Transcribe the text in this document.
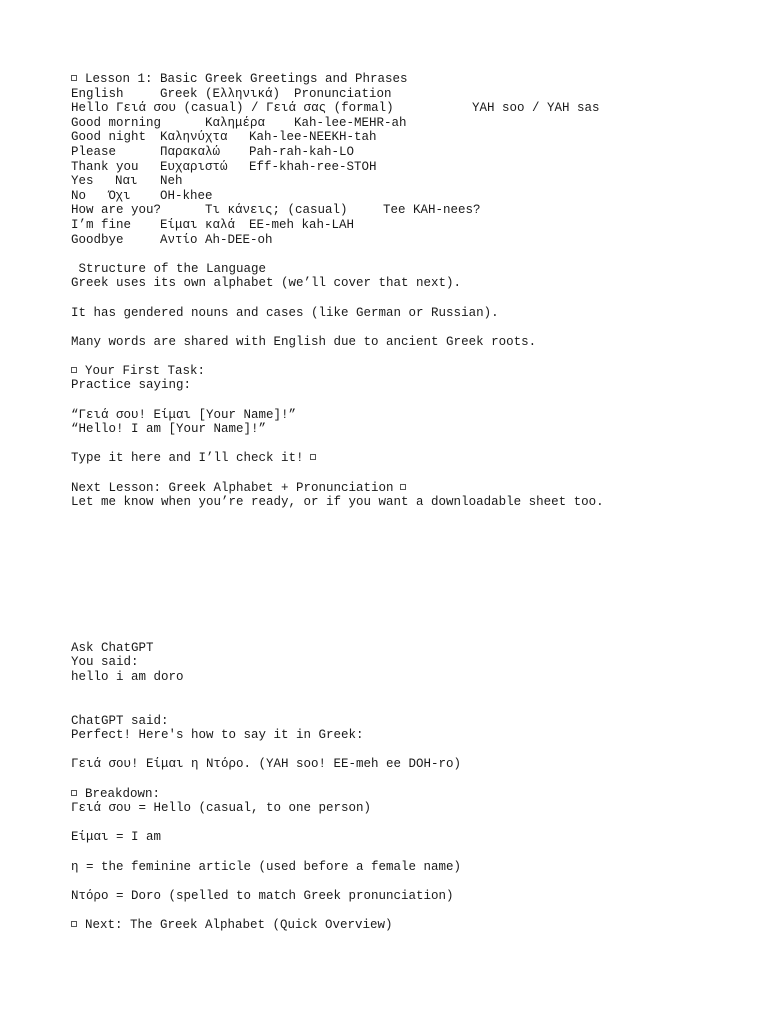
Lesson 1: Basic Greek Greetings and Phrases
English	Greek (Ελληνικά) Pronunciation
Hello Γειά σου (casual) / Γειά σας (formal)	YAH soo / YAH sas
Good morning	Καλημέρα Kah-lee-MEHR-ah
Good night Καληνύχτα Kah-lee-NEEKH-tah
Please	Παρακαλώ Pah-rah-kah-LO
Thank you Ευχαριστώ Eff-khah-ree-STOH
Yes Ναι Neh
No Όχι OH-khee
How are you?	Τι κάνεις; (casual)	Tee KAH-nees?
I’m fine Είμαι καλά EE-meh kah-LAH
Goodbye	Αντίο Ah-DEE-oh
Structure of the Language
Greek uses its own alphabet (we’ll cover that next).
It has gendered nouns and cases (like German or Russian).
Many words are shared with English due to ancient Greek roots.
Your First Task:
Practice saying:
“Γειά σου! Είμαι [Your Name]!”
“Hello! I am [Your Name]!”
Type it here and I’ll check it!
Next Lesson: Greek Alphabet + Pronunciation
Let me know when you’re ready, or if you want a downloadable sheet too.
Ask ChatGPT
You said:
hello i am doro
ChatGPT said:
Perfect! Here's how to say it in Greek:
Γειά σου! Είμαι η Ντόρο. (YAH soo! EE-meh ee DOH-ro)
Breakdown:
Γειά σου = Hello (casual, to one person)
Είμαι = I am
η = the feminine article (used before a female name)
Ντόρο = Doro (spelled to match Greek pronunciation)
Next: The Greek Alphabet (Quick Overview)
